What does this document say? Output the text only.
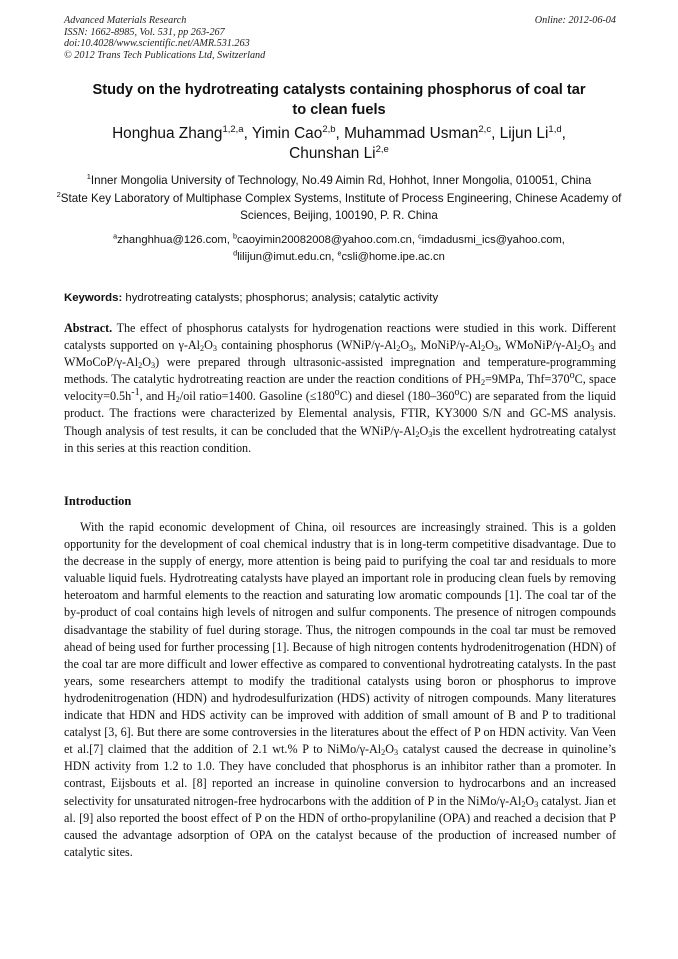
Advanced Materials Research
ISSN: 1662-8985, Vol. 531, pp 263-267
doi:10.4028/www.scientific.net/AMR.531.263
© 2012 Trans Tech Publications Ltd, Switzerland
Online: 2012-06-04
Study on the hydrotreating catalysts containing phosphorus of coal tar
to clean fuels
Honghua Zhang$^{1,2,a}$, Yimin Cao$^{2,b}$, Muhammad Usman$^{2,c}$, Lijun Li$^{1,d}$,
Chunshan Li$^{2,e}$
$^1$Inner Mongolia University of Technology, No.49 Aimin Rd, Hohhot, Inner Mongolia, 010051, China
$^2$State Key Laboratory of Multiphase Complex Systems, Institute of Process Engineering, Chinese Academy of Sciences, Beijing, 100190, P. R. China
$^a$zhanghhua@126.com, $^b$caoyimin20082008@yahoo.com.cn, $^c$imdadusmi_ics@yahoo.com,
$^d$lilijun@imut.edu.cn, $^e$csli@home.ipe.ac.cn
Keywords: hydrotreating catalysts; phosphorus; analysis; catalytic activity
Abstract. The effect of phosphorus catalysts for hydrogenation reactions were studied in this work. Different catalysts supported on $\gamma-Al_2O_3$ containing phosphorus ($WNiP/\gamma-Al_2O_3$, MoNiP/$\gamma-Al_2O_3$, WMoNiP/$\gamma-Al_2O_3$ and WMoCoP/$\gamma-Al_2O_3$) were prepared through ultrasonic-assisted impregnation and temperature-programming methods. The catalytic hydrotreating reaction are under the reaction conditions of $PH_2=9MPa$, $Thf=370^oC$, space $velocity=0.5h^{-1}$, and $H_2$/oil ratio=1400. Gasoline $(\le 180^oC)$ and diesel (180–360$^o$C) are separated from the liquid product. The fractions were characterized by Elemental analysis, FTIR, KY3000 S/N and GC-MS analysis. Though analysis of test results, it can be concluded that the WNiP/$\gamma-Al_2O_3is$ the excellent hydrotreating catalyst in this series at this reaction condition.
Introduction
With the rapid economic development of China, oil resources are increasingly strained. This is a golden opportunity for the development of coal chemical industry that is in long-term competitive disadvantage. Due to the decrease in the supply of energy, more attention is being paid to purifying the coal tar and residuals to more valuable liquid fuels. Hydrotreating catalysts have played an important role in producing clean fuels by removing heteroatom and harmful elements to the reaction and saturating low aromatic compounds [1]. The coal tar of the by-product of coal contains high levels of nitrogen and sulfur components. The presence of nitrogen compounds disadvantage the stability of fuel during storage. Thus, the nitrogen compounds in the coal tar must be removed ahead of being used for further processing [1]. Because of high nitrogen contents hydrodenitrogenation (HDN) of the coal tar are more difficult and lower effective as compared to conventional hydrotreating catalysts. In the past years, some researchers attempt to modify the traditional catalysts using boron or phosphorus to improve hydrodenitrogenation (HDN) and hydrodesulfurization (HDS) activity of nitrogen compounds. Many literatures indicate that HDN and HDS activity can be improved with addition of small amount of B and P to traditional catalyst [3, 6]. But there are some controversies in the literatures about the effect of P on HDN activity. Van Veen et al.[7] claimed that the addition of 2.1 wt.% P to NiMo/$\gamma-Al_2O_3$ catalyst caused the decrease in quinoline’s HDN activity from 1.2 to 1.0. They have concluded that phosphorus is an inhibitor rather than a promoter. In contrast, Eijsbouts et al. [8] reported an increase in quinoline conversion to hydrocarbons and an increased selectivity for unsaturated nitrogen-free hydrocarbons with the addition of P in the NiMo/$\gamma-Al_2O_3$ catalyst. Jian et al. [9] also reported the boost effect of P on the HDN of ortho-propylaniline (OPA) and reached a decision that P caused the advantage adsorption of OPA on the catalyst because of the production of increased number of catalytic sites.
